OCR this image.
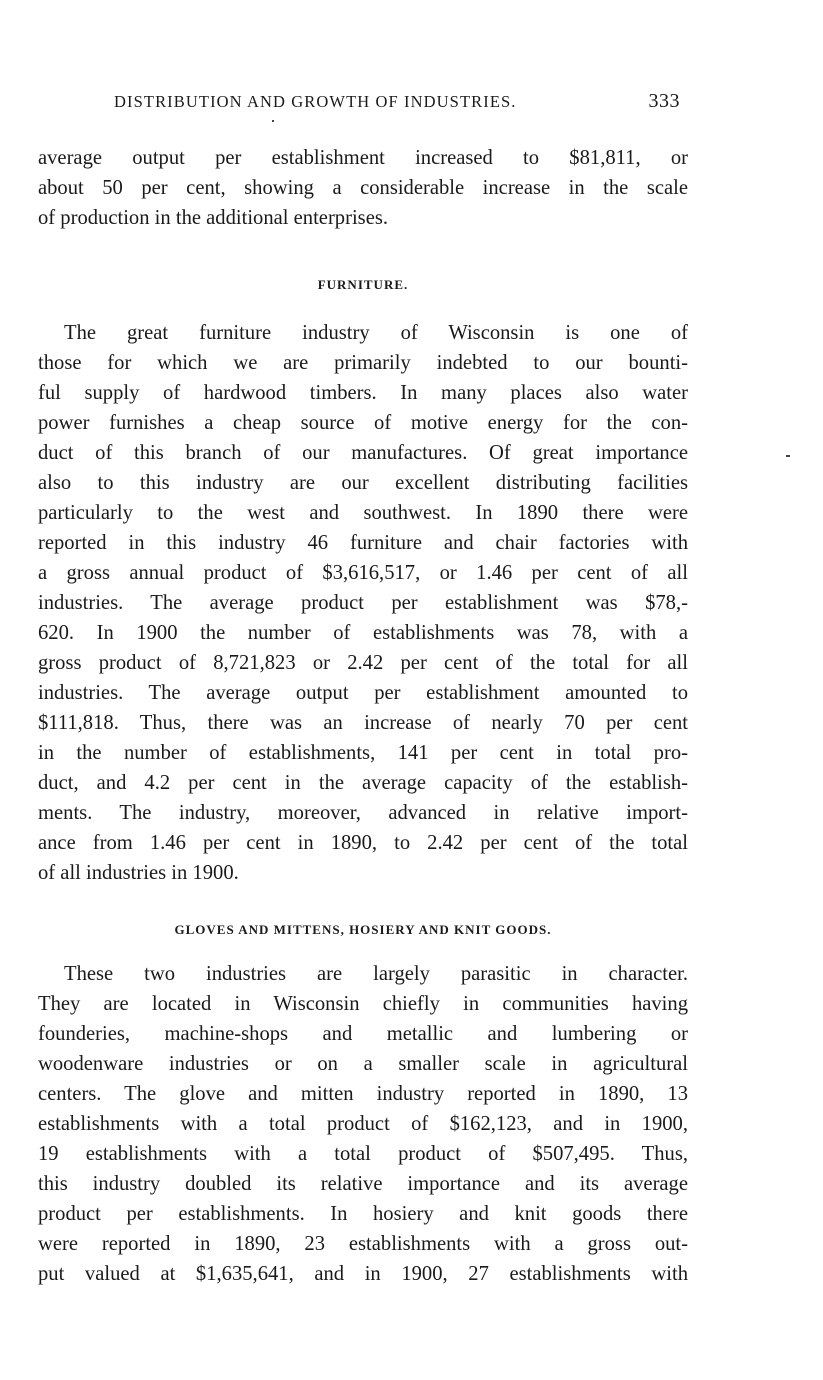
DISTRIBUTION AND GROWTH OF INDUSTRIES.	333
average output per establishment increased to $81,811, or
about 50 per cent, showing a considerable increase in the scale
of production in the additional enterprises.
FURNITURE.
The great furniture industry of Wisconsin is one of
those for which we are primarily indebted to our bounti-
ful supply of hardwood timbers. In many places also water
power furnishes a cheap source of motive energy for the con-
duct of this branch of our manufactures. Of great importance
also to this industry are our excellent distributing facilities
particularly to the west and southwest. In 1890 there were
reported in this industry 46 furniture and chair factories with
a gross annual product of $3,616,517, or 1.46 per cent of all
industries. The average product per establishment was $78,-
620. In 1900 the number of establishments was 78, with a
gross product of 8,721,823 or 2.42 per cent of the total for all
industries. The average output per establishment amounted to
$111,818. Thus, there was an increase of nearly 70 per cent
in the number of establishments, 141 per cent in total pro-
duct, and 4.2 per cent in the average capacity of the establish-
ments. The industry, moreover, advanced in relative import-
ance from 1.46 per cent in 1890, to 2.42 per cent of the total
of all industries in 1900.
GLOVES AND MITTENS, HOSIERY AND KNIT GOODS.
These two industries are largely parasitic in character.
They are located in Wisconsin chiefly in communities having
founderies, machine-shops and metallic and lumbering or
woodenware industries or on a smaller scale in agricultural
centers. The glove and mitten industry reported in 1890, 13
establishments with a total product of $162,123, and in 1900,
19 establishments with a total product of $507,495. Thus,
this industry doubled its relative importance and its average
product per establishments. In hosiery and knit goods there
were reported in 1890, 23 establishments with a gross out-
put valued at $1,635,641, and in 1900, 27 establishments with
